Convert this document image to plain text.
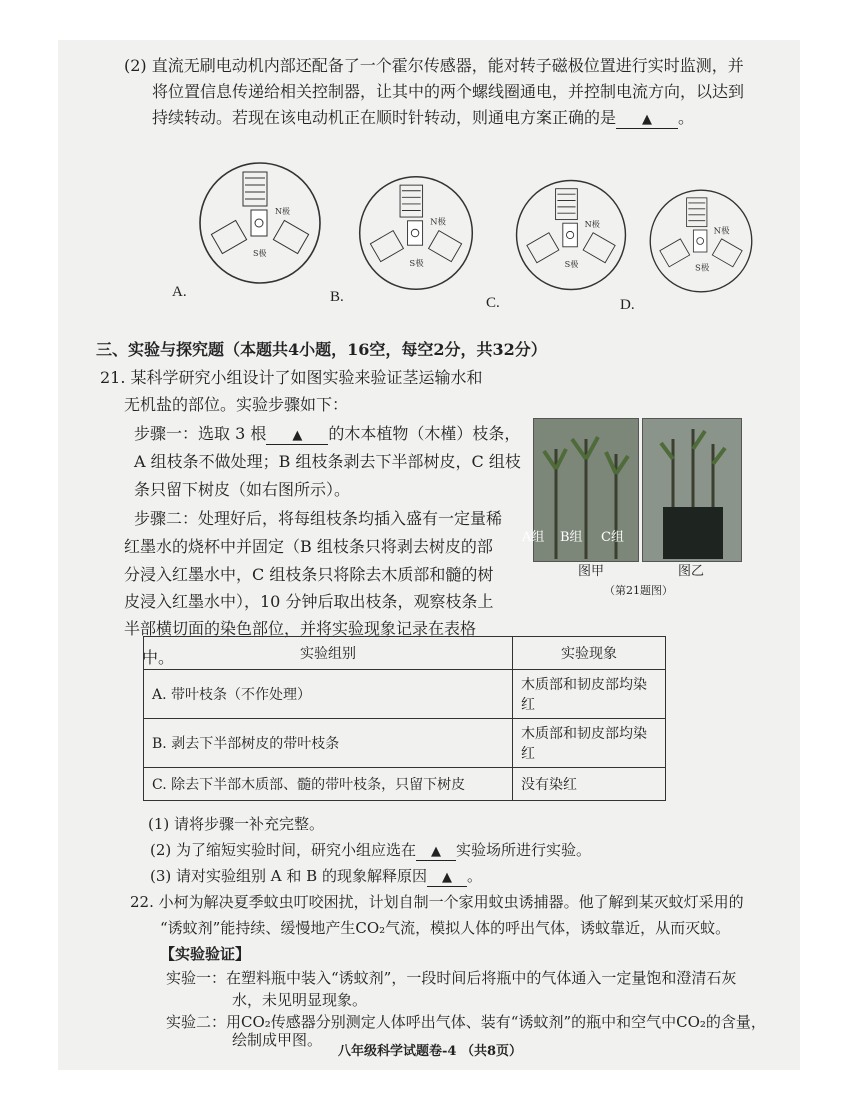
(2) 直流无刷电动机内部还配备了一个霍尔传感器，能对转子磁极位置进行实时监测，并
将位置信息传递给相关控制器，让其中的两个螺线圈通电，并控制电流方向，以达到
持续转动。若现在该电动机正在顺时针转动，则通电方案正确的是 ▲ 。
N极
S极
N极
S极
N极
S极
N极
S极
A.	B.	C.	D.
三、实验与探究题（本题共4小题，16空，每空2分，共32分）
21. 某科学研究小组设计了如图实验来验证茎运输水和
无机盐的部位。实验步骤如下：
步骤一：选取 3 根 ▲ 的木本植物（木槿）枝条，
A 组枝条不做处理；B 组枝条剥去下半部树皮，C 组枝
条只留下树皮（如右图所示）。
步骤二：处理好后，将每组枝条均插入盛有一定量稀
红墨水的烧杯中并固定（B 组枝条只将剥去树皮的部
分浸入红墨水中，C 组枝条只将除去木质部和髓的树
皮浸入红墨水中），10 分钟后取出枝条，观察枝条上
半部横切面的染色部位，并将实验现象记录在表格
中。
A组 B组 C组
图甲	图乙
（第21题图）
实验组别	实验现象
A. 带叶枝条（不作处理）	木质部和韧皮部均染红
B. 剥去下半部树皮的带叶枝条	木质部和韧皮部均染红
C. 除去下半部木质部、髓的带叶枝条，只留下树皮	没有染红
(1) 请将步骤一补充完整。
(2) 为了缩短实验时间，研究小组应选在 ▲ 实验场所进行实验。
(3) 请对实验组别 A 和 B 的现象解释原因 ▲ 。
22. 小柯为解决夏季蚊虫叮咬困扰，计划自制一个家用蚊虫诱捕器。他了解到某灭蚊灯采用的
“诱蚊剂”能持续、缓慢地产生CO₂气流，模拟人体的呼出气体，诱蚊靠近，从而灭蚊。
【实验验证】
实验一：在塑料瓶中装入“诱蚊剂”，一段时间后将瓶中的气体通入一定量饱和澄清石灰
水，未见明显现象。
实验二：用CO₂传感器分别测定人体呼出气体、装有“诱蚊剂”的瓶中和空气中CO₂的含量，
绘制成甲图。
八年级科学试题卷-4 （共8页）
